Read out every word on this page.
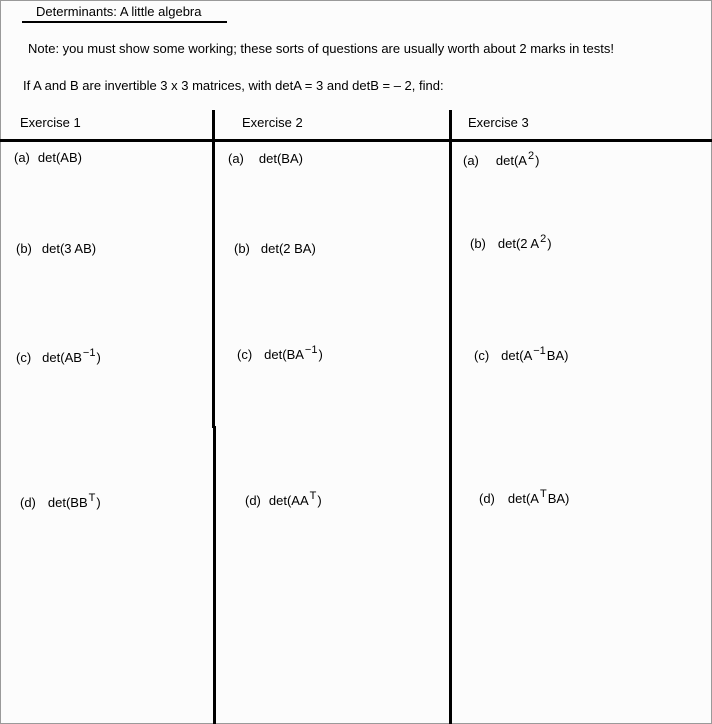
Determinants: A little algebra
Note: you must show some working; these sorts of questions are usually worth about 2 marks in tests!
If A and B are invertible 3 x 3 matrices, with detA = 3 and detB = – 2, find:
Exercise 1	Exercise 2	Exercise 3
(a) det(AB)
(b) det(3 AB)
(c) $\det(AB^{-1})$
(d) $\det(BB^T)$
(a) det(BA)
(b) det(2 BA)
(c) $\det(BA^{-1})$
(d) $\det(AA^T)$
(a) $\det(A^2)$
(b) det(2 $A^2$)
(c) $\det(A^{-1}BA)$
(d) $\det(A^TBA)$
